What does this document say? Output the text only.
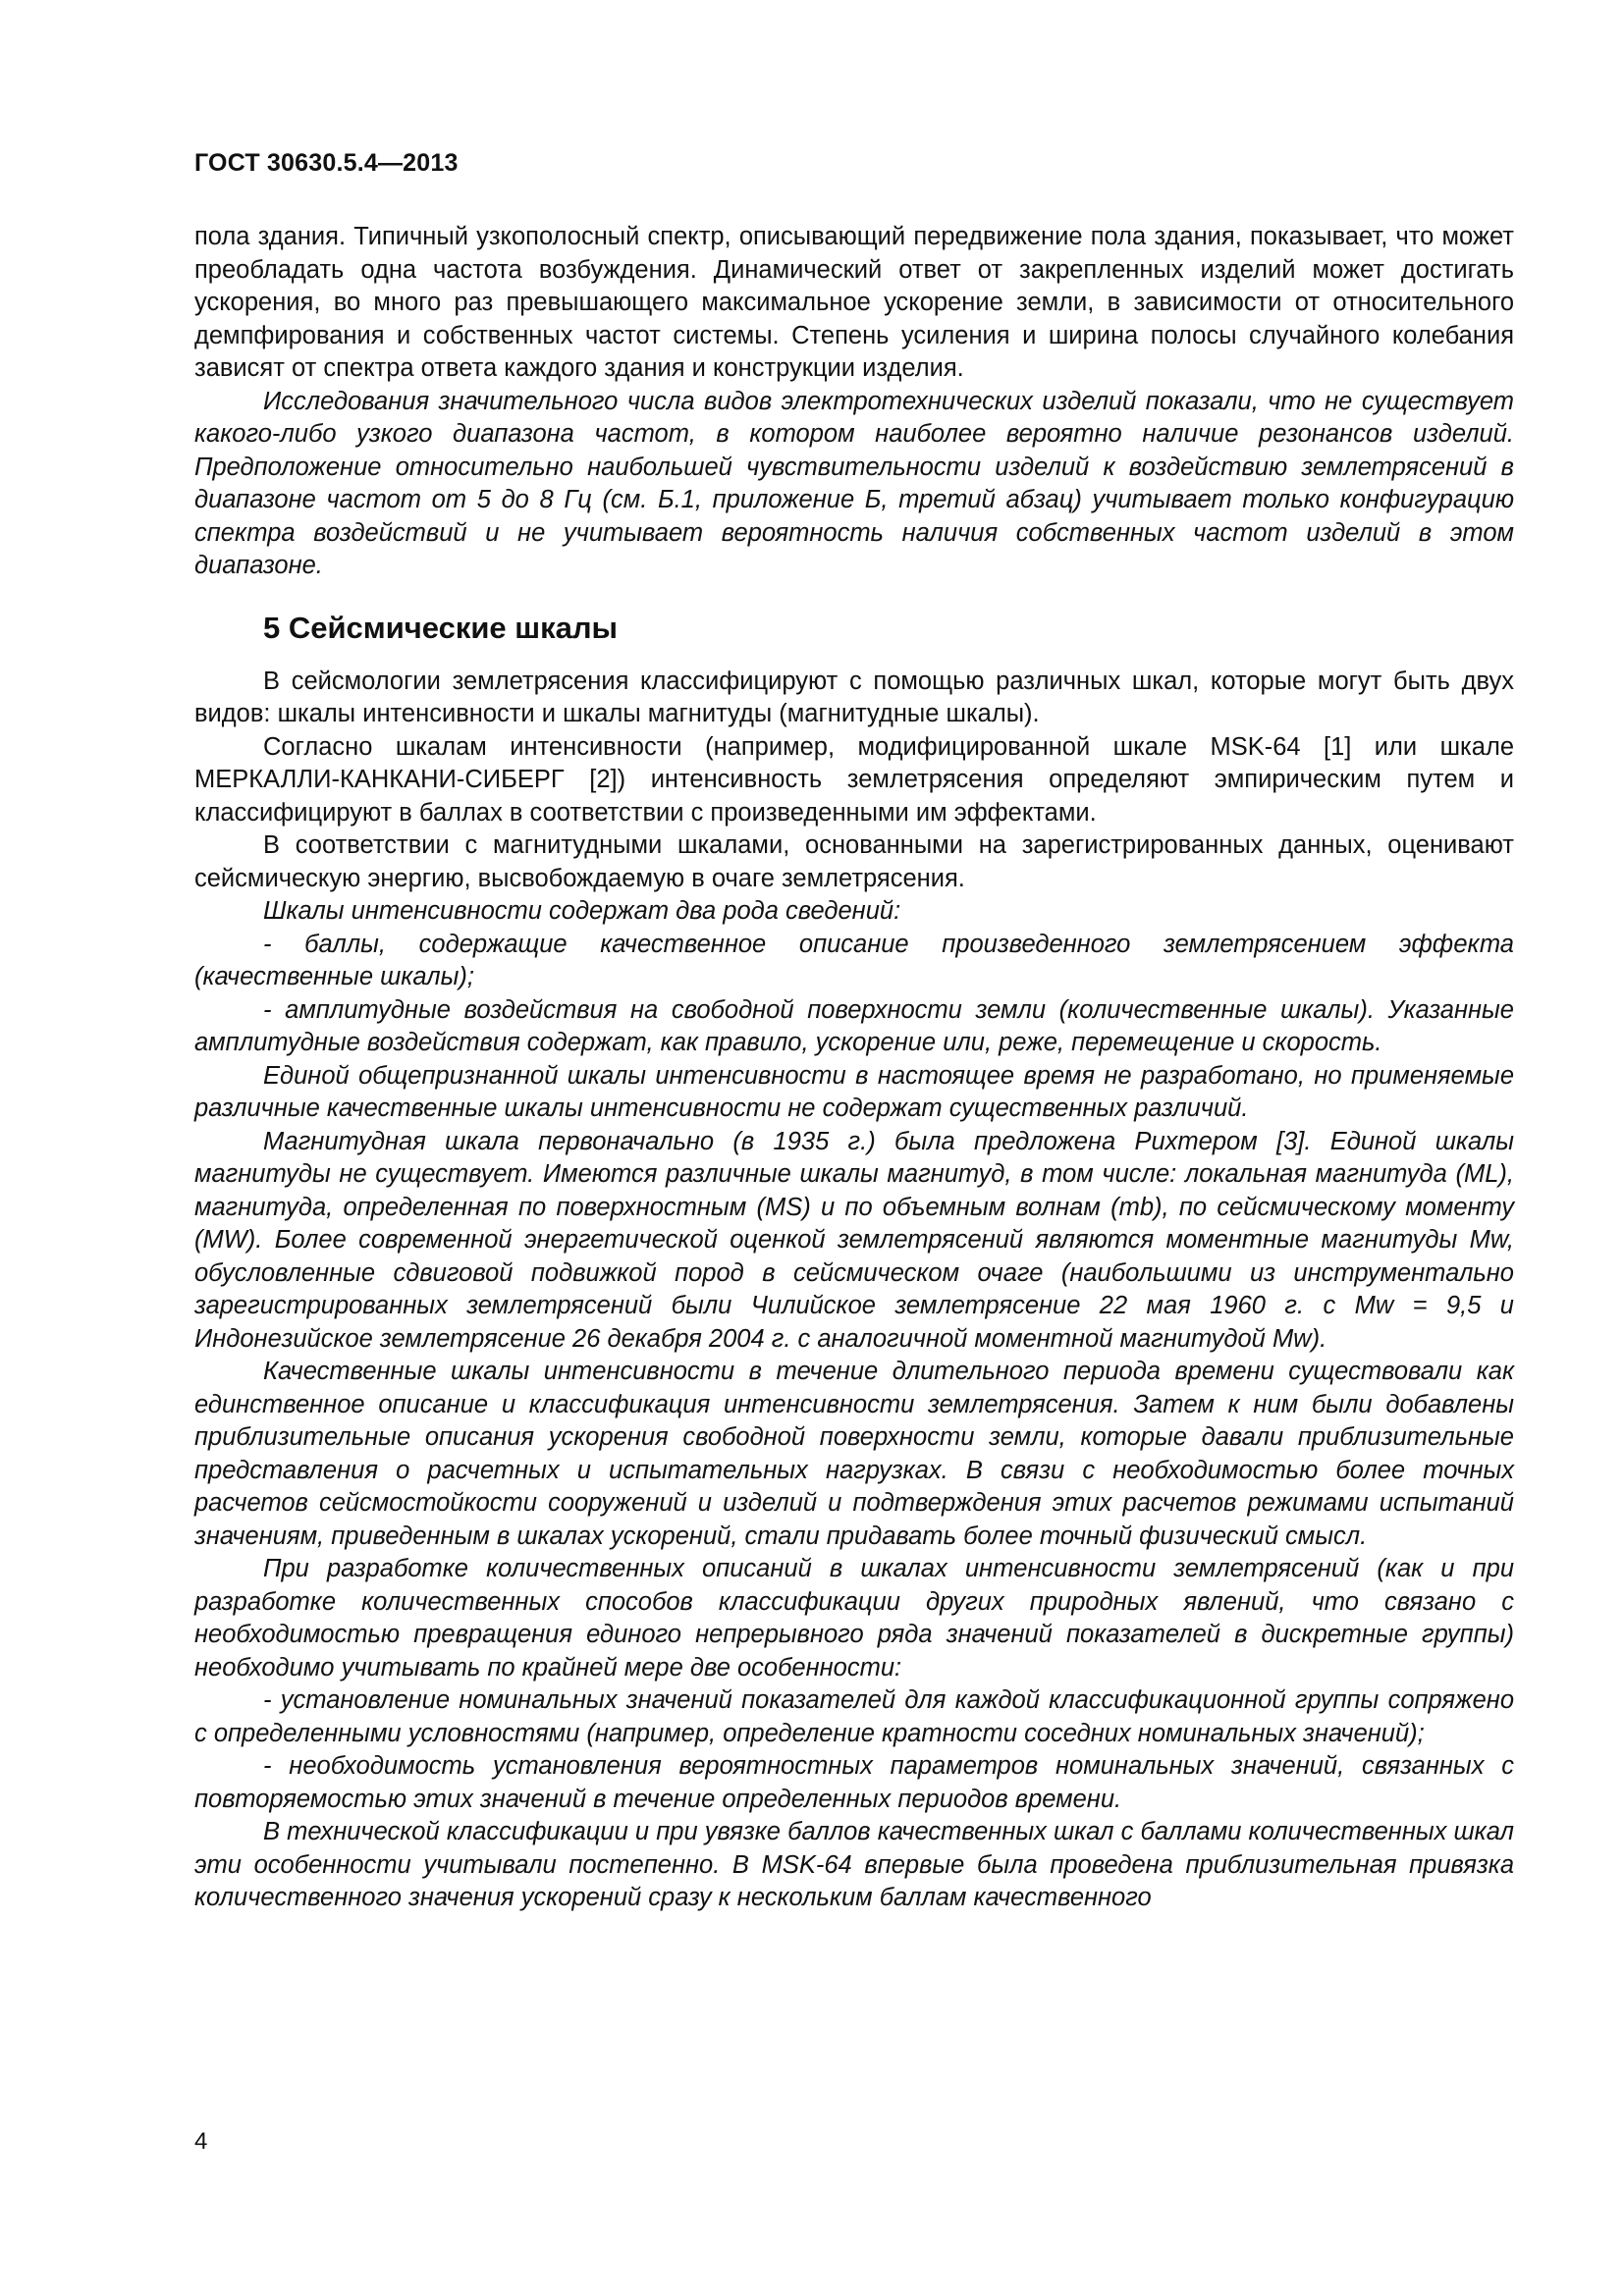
ГОСТ 30630.5.4—2013

пола здания. Типичный узкополосный спектр, описывающий передвижение пола здания, показывает, что может преобладать одна частота возбуждения. Динамический ответ от закрепленных изделий может достигать ускорения, во много раз превышающего максимальное ускорение земли, в зависимости от относительного демпфирования и собственных частот системы. Степень усиления и ширина полосы случайного колебания зависят от спектра ответа каждого здания и конструкции изделия.

Исследования значительного числа видов электротехнических изделий показали, что не существует какого-либо узкого диапазона частот, в котором наиболее вероятно наличие резонансов изделий. Предположение относительно наибольшей чувствительности изделий к воздействию землетрясений в диапазоне частот от 5 до 8 Гц (см. Б.1, приложение Б, третий абзац) учитывает только конфигурацию спектра воздействий и не учитывает вероятность наличия собственных частот изделий в этом диапазоне.

5 Сейсмические шкалы

В сейсмологии землетрясения классифицируют с помощью различных шкал, которые могут быть двух видов: шкалы интенсивности и шкалы магнитуды (магнитудные шкалы).

Согласно шкалам интенсивности (например, модифицированной шкале MSK-64 [1] или шкале МЕРКАЛЛИ-КАНКАНИ-СИБЕРГ [2]) интенсивность землетрясения определяют эмпирическим путем и классифицируют в баллах в соответствии с произведенными им эффектами.

В соответствии с магнитудными шкалами, основанными на зарегистрированных данных, оценивают сейсмическую энергию, высвобождаемую в очаге землетрясения.

Шкалы интенсивности содержат два рода сведений:

- баллы, содержащие качественное описание произведенного землетрясением эффекта (качественные шкалы);

- амплитудные воздействия на свободной поверхности земли (количественные шкалы). Указанные амплитудные воздействия содержат, как правило, ускорение или, реже, перемещение и скорость.

Единой общепризнанной шкалы интенсивности в настоящее время не разработано, но применяемые различные качественные шкалы интенсивности не содержат существенных различий.

Магнитудная шкала первоначально (в 1935 г.) была предложена Рихтером [3]. Единой шкалы магнитуды не существует. Имеются различные шкалы магнитуд, в том числе: локальная магнитуда (ML), магнитуда, определенная по поверхностным (MS) и по объемным волнам (mb), по сейсмическому моменту (MW). Более современной энергетической оценкой землетрясений являются моментные магнитуды Mw, обусловленные сдвиговой подвижкой пород в сейсмическом очаге (наибольшими из инструментально зарегистрированных землетрясений были Чилийское землетрясение 22 мая 1960 г. с Mw = 9,5 и Индонезийское землетрясение 26 декабря 2004 г. с аналогичной моментной магнитудой Mw).

Качественные шкалы интенсивности в течение длительного периода времени существовали как единственное описание и классификация интенсивности землетрясения. Затем к ним были добавлены приблизительные описания ускорения свободной поверхности земли, которые давали приблизительные представления о расчетных и испытательных нагрузках. В связи с необходимостью более точных расчетов сейсмостойкости сооружений и изделий и подтверждения этих расчетов режимами испытаний значениям, приведенным в шкалах ускорений, стали придавать более точный физический смысл.

При разработке количественных описаний в шкалах интенсивности землетрясений (как и при разработке количественных способов классификации других природных явлений, что связано с необходимостью превращения единого непрерывного ряда значений показателей в дискретные группы) необходимо учитывать по крайней мере две особенности:

- установление номинальных значений показателей для каждой классификационной группы сопряжено с определенными условностями (например, определение кратности соседних номинальных значений);

- необходимость установления вероятностных параметров номинальных значений, связанных с повторяемостью этих значений в течение определенных периодов времени.

В технической классификации и при увязке баллов качественных шкал с баллами количественных шкал эти особенности учитывали постепенно. В MSK-64 впервые была проведена приблизительная привязка количественного значения ускорений сразу к нескольким баллам качественного

4
